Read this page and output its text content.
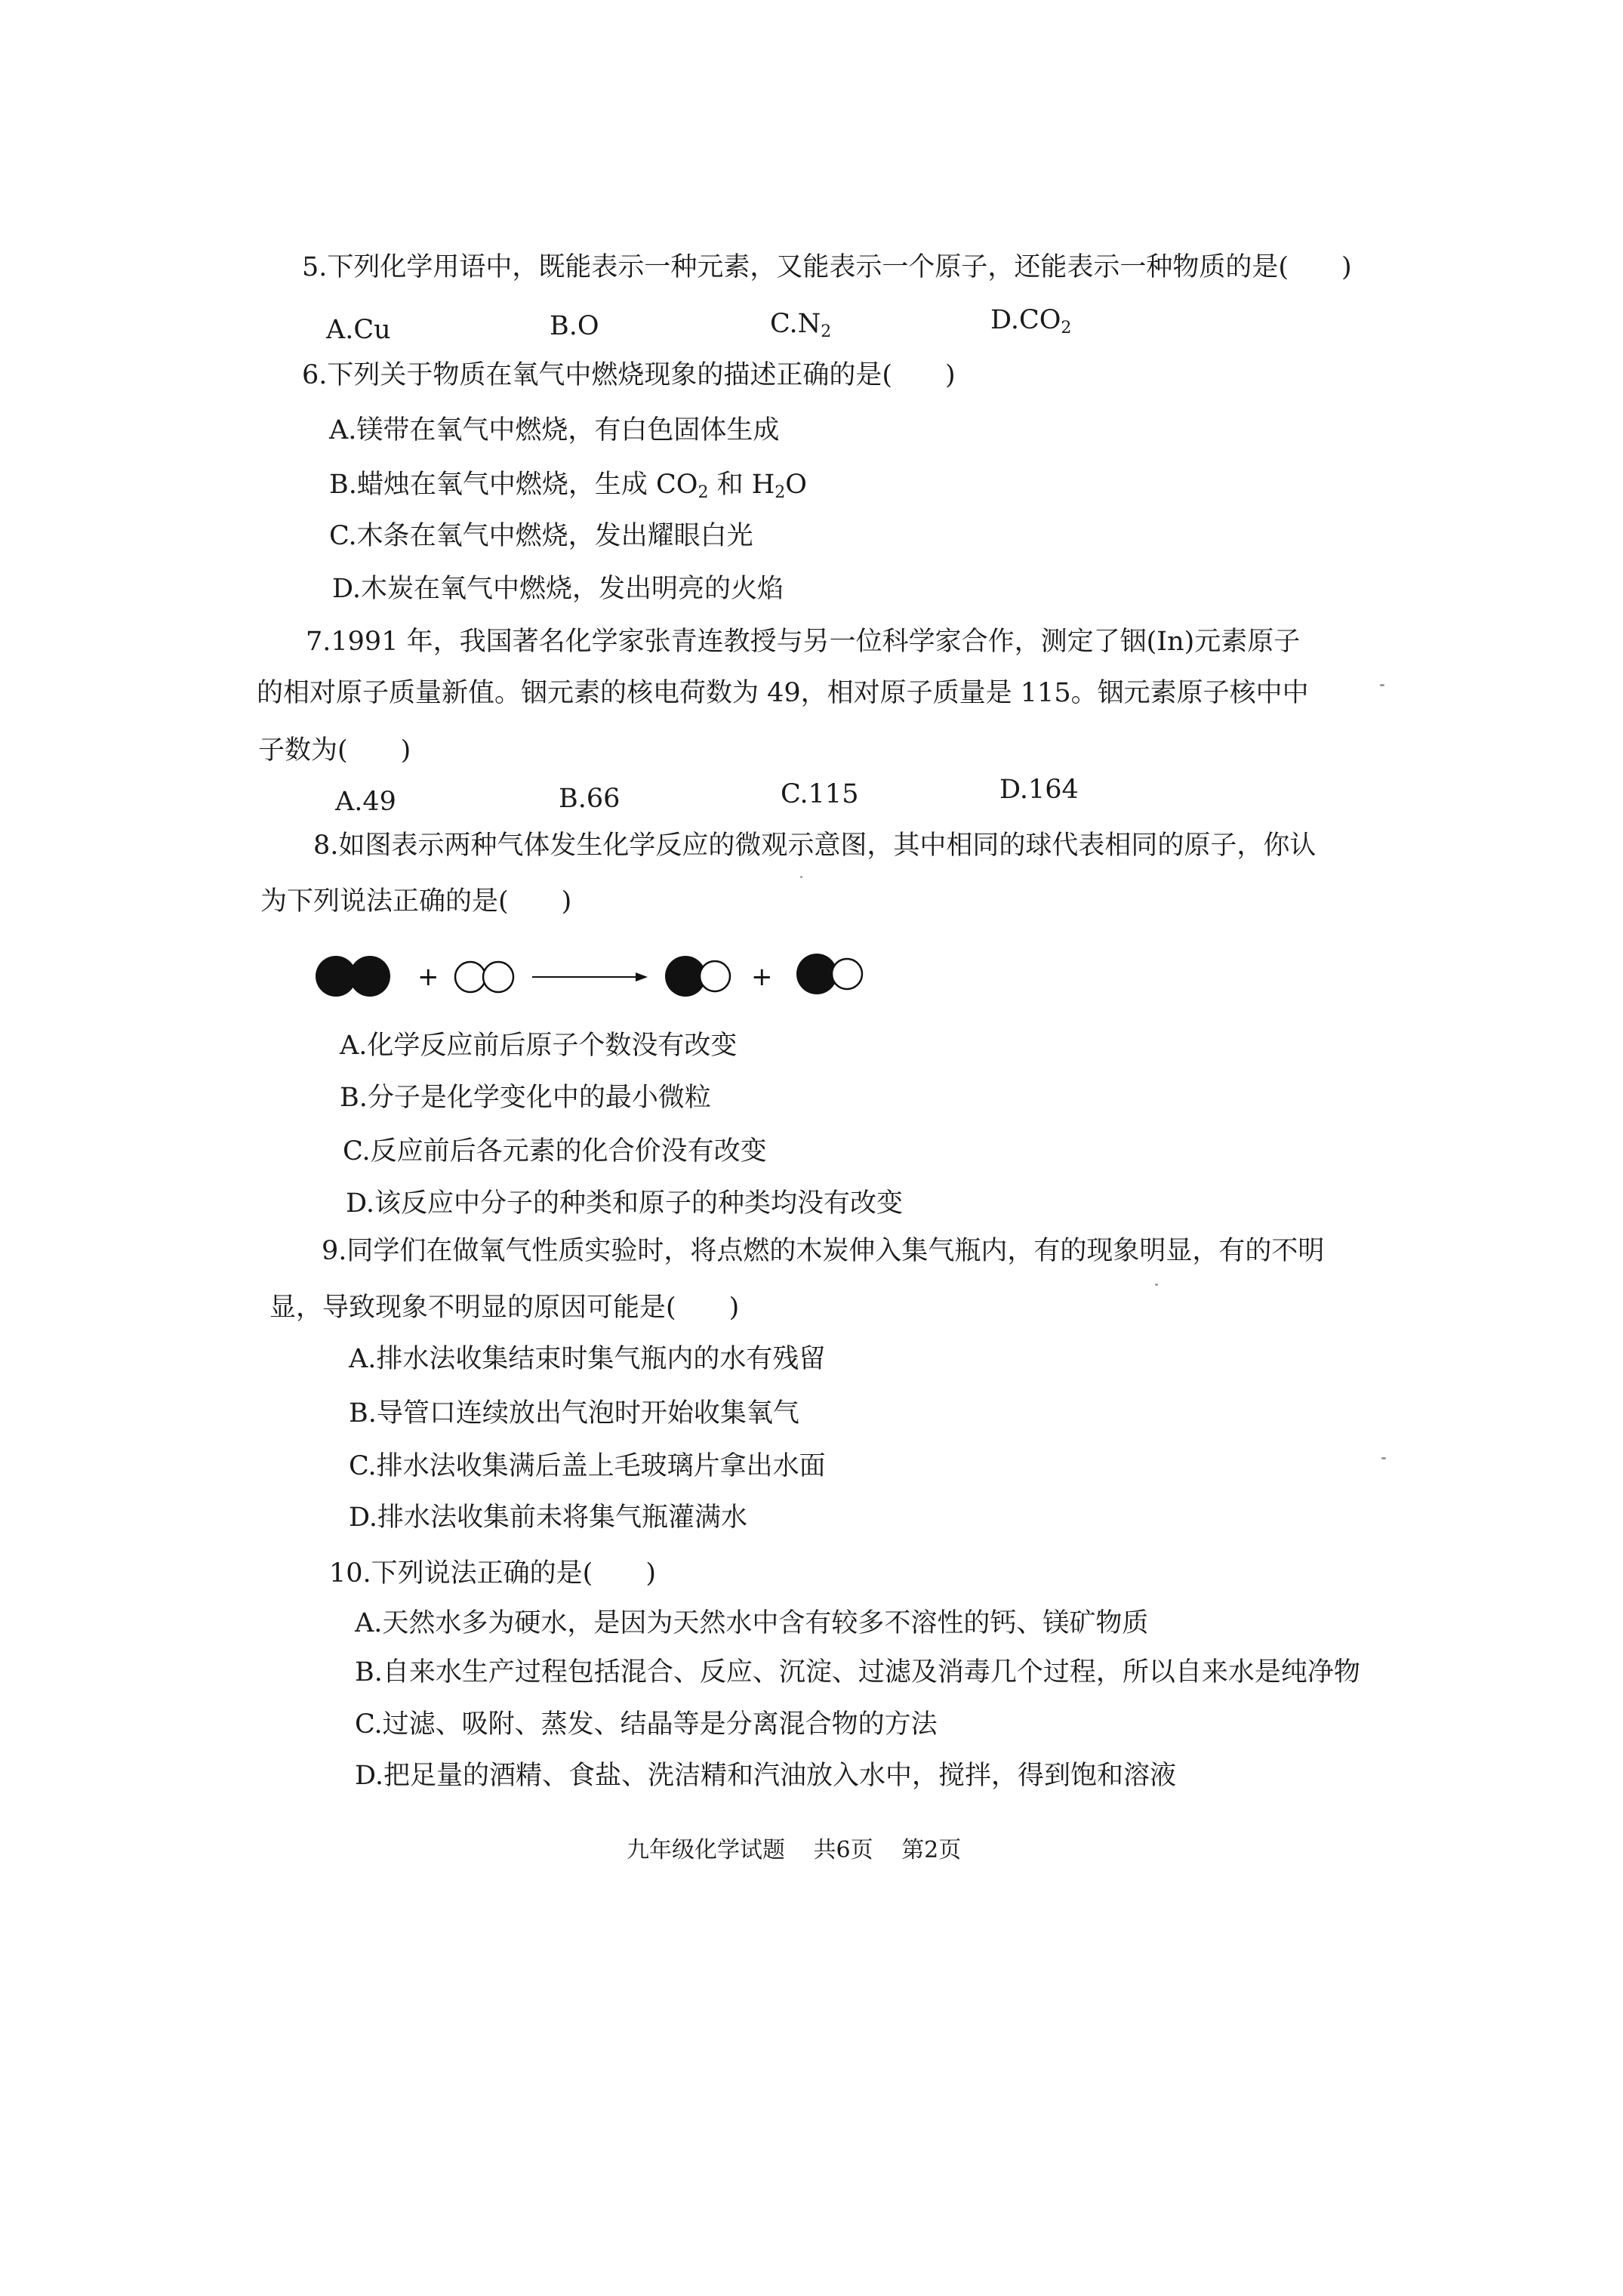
5.下列化学用语中，既能表示一种元素，又能表示一个原子，还能表示一种物质的是(　　)
A.Cu	B.O	$C.N_2$	$D.CO_2$
6.下列关于物质在氧气中燃烧现象的描述正确的是(　　)
A.镁带在氧气中燃烧，有白色固体生成
B.蜡烛在氧气中燃烧，生成 $CO_2$ 和 $H_2O$
C.木条在氧气中燃烧，发出耀眼白光
D.木炭在氧气中燃烧，发出明亮的火焰
7.1991 年，我国著名化学家张青连教授与另一位科学家合作，测定了铟(In)元素原子
的相对原子质量新值。铟元素的核电荷数为 49，相对原子质量是 115。铟元素原子核中中
子数为(　　)
A.49	B.66	C.115	D.164
8.如图表示两种气体发生化学反应的微观示意图，其中相同的球代表相同的原子，你认
为下列说法正确的是(　　)
+	+
A.化学反应前后原子个数没有改变
B.分子是化学变化中的最小微粒
C.反应前后各元素的化合价没有改变
D.该反应中分子的种类和原子的种类均没有改变
9.同学们在做氧气性质实验时，将点燃的木炭伸入集气瓶内，有的现象明显，有的不明
显，导致现象不明显的原因可能是(　　)
A.排水法收集结束时集气瓶内的水有残留
B.导管口连续放出气泡时开始收集氧气
C.排水法收集满后盖上毛玻璃片拿出水面
D.排水法收集前未将集气瓶灌满水
10.下列说法正确的是(　　)
A.天然水多为硬水，是因为天然水中含有较多不溶性的钙、镁矿物质
B.自来水生产过程包括混合、反应、沉淀、过滤及消毒几个过程，所以自来水是纯净物
C.过滤、吸附、蒸发、结晶等是分离混合物的方法
D.把足量的酒精、食盐、洗洁精和汽油放入水中，搅拌，得到饱和溶液
九年级化学试题 共6页 第2页
